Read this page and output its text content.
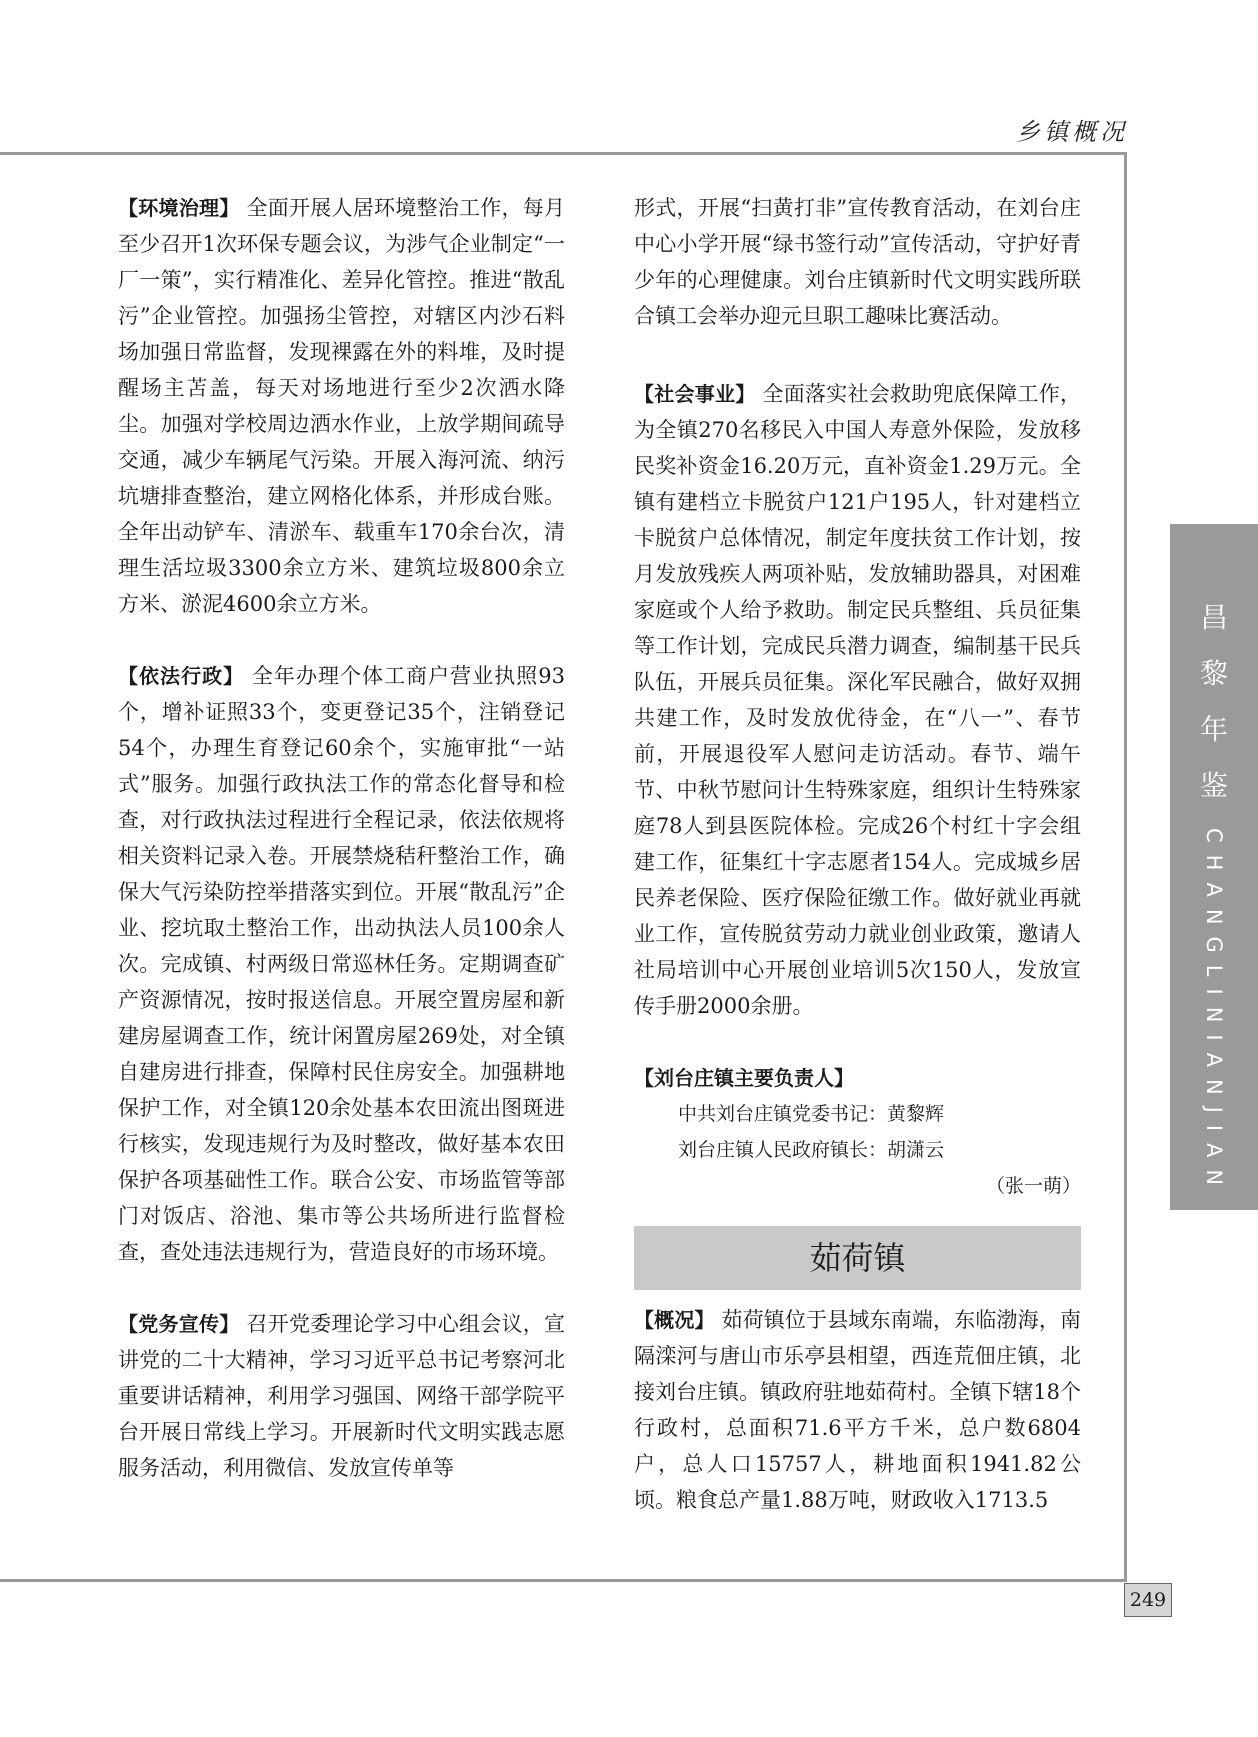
乡镇概况

【环境治理】 全面开展人居环境整治工作，每月至少召开1次环保专题会议，为涉气企业制定“一厂一策”，实行精准化、差异化管控。推进“散乱污”企业管控。加强扬尘管控，对辖区内沙石料场加强日常监督，发现裸露在外的料堆，及时提醒场主苫盖，每天对场地进行至少2次洒水降尘。加强对学校周边洒水作业，上放学期间疏导交通，减少车辆尾气污染。开展入海河流、纳污坑塘排查整治，建立网格化体系，并形成台账。全年出动铲车、清淤车、载重车170余台次，清理生活垃圾3300余立方米、建筑垃圾800余立方米、淤泥4600余立方米。

【依法行政】 全年办理个体工商户营业执照93个，增补证照33个，变更登记35个，注销登记54个，办理生育登记60余个，实施审批“一站式”服务。加强行政执法工作的常态化督导和检查，对行政执法过程进行全程记录，依法依规将相关资料记录入卷。开展禁烧秸秆整治工作，确保大气污染防控举措落实到位。开展“散乱污”企业、挖坑取土整治工作，出动执法人员100余人次。完成镇、村两级日常巡林任务。定期调查矿产资源情况，按时报送信息。开展空置房屋和新建房屋调查工作，统计闲置房屋269处，对全镇自建房进行排查，保障村民住房安全。加强耕地保护工作，对全镇120余处基本农田流出图斑进行核实，发现违规行为及时整改，做好基本农田保护各项基础性工作。联合公安、市场监管等部门对饭店、浴池、集市等公共场所进行监督检查，查处违法违规行为，营造良好的市场环境。

【党务宣传】 召开党委理论学习中心组会议，宣讲党的二十大精神，学习习近平总书记考察河北重要讲话精神，利用学习强国、网络干部学院平台开展日常线上学习。开展新时代文明实践志愿服务活动，利用微信、发放宣传单等

形式，开展“扫黄打非”宣传教育活动，在刘台庄中心小学开展“绿书签行动”宣传活动，守护好青少年的心理健康。刘台庄镇新时代文明实践所联合镇工会举办迎元旦职工趣味比赛活动。

【社会事业】 全面落实社会救助兜底保障工作，为全镇270名移民入中国人寿意外保险，发放移民奖补资金16.20万元，直补资金1.29万元。全镇有建档立卡脱贫户121户195人，针对建档立卡脱贫户总体情况，制定年度扶贫工作计划，按月发放残疾人两项补贴，发放辅助器具，对困难家庭或个人给予救助。制定民兵整组、兵员征集等工作计划，完成民兵潜力调查，编制基干民兵队伍，开展兵员征集。深化军民融合，做好双拥共建工作，及时发放优待金，在“八一”、春节前，开展退役军人慰问走访活动。春节、端午节、中秋节慰问计生特殊家庭，组织计生特殊家庭78人到县医院体检。完成26个村红十字会组建工作，征集红十字志愿者154人。完成城乡居民养老保险、医疗保险征缴工作。做好就业再就业工作，宣传脱贫劳动力就业创业政策，邀请人社局培训中心开展创业培训5次150人，发放宣传手册2000余册。

【刘台庄镇主要负责人】
中共刘台庄镇党委书记：黄黎辉
刘台庄镇人民政府镇长：胡潇云
（张一萌）
茹荷镇

【概况】 茹荷镇位于县域东南端，东临渤海，南隔滦河与唐山市乐亭县相望，西连荒佃庄镇，北接刘台庄镇。镇政府驻地茹荷村。全镇下辖18个行政村，总面积71.6平方千米，总户数6804户，总人口15757人，耕地面积1941.82公顷。粮食总产量1.88万吨，财政收入1713.5

昌
黎
年
鉴
CHANGLINIANJIAN
249
